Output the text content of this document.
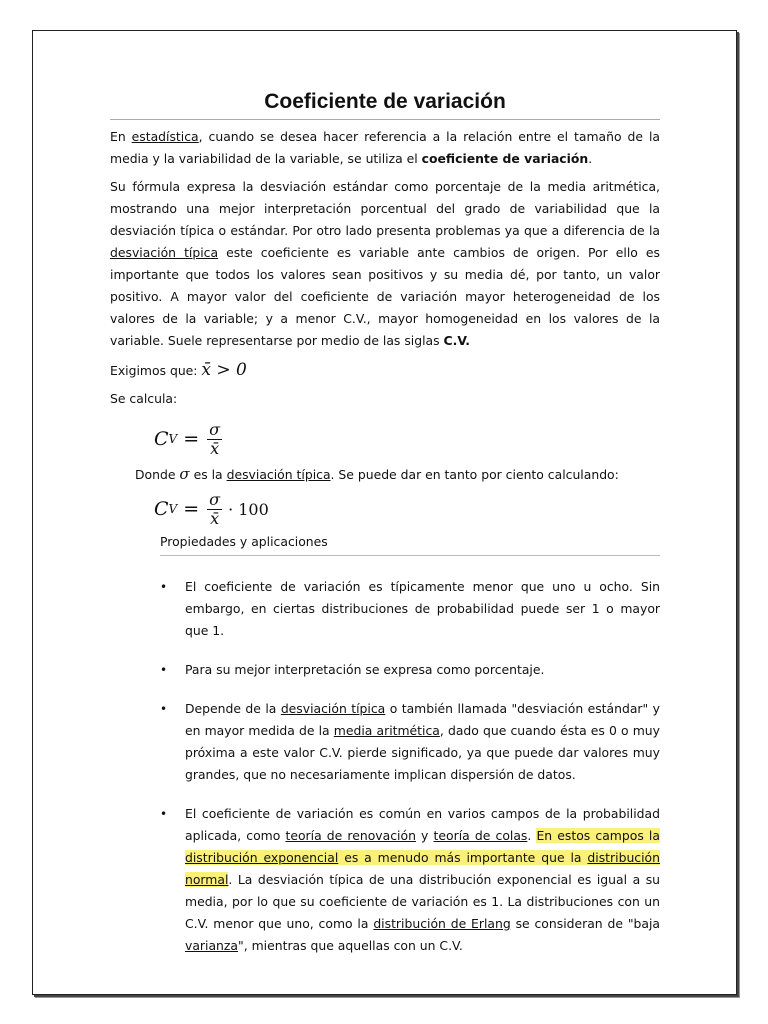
Coeficiente de variación

En estadística, cuando se desea hacer referencia a la relación entre el tamaño de la media y la variabilidad de la variable, se utiliza el coeficiente de variación.

Su fórmula expresa la desviación estándar como porcentaje de la media aritmética, mostrando una mejor interpretación porcentual del grado de variabilidad que la desviación típica o estándar. Por otro lado presenta problemas ya que a diferencia de la desviación típica este coeficiente es variable ante cambios de origen. Por ello es importante que todos los valores sean positivos y su media dé, por tanto, un valor positivo. A mayor valor del coeficiente de variación mayor heterogeneidad de los valores de la variable; y a menor C.V., mayor homogeneidad en los valores de la variable. Suele representarse por medio de las siglas C.V.

Exigimos que: x̄ > 0

Se calcula:

C $V = \frac{\sigma}{x̄}$

Donde σ es la desviación típica. Se puede dar en tanto por ciento calculando:

C $V = \frac{\sigma}{x̄} \cdot 100$
Propiedades y aplicaciones
• El coeficiente de variación es típicamente menor que uno u ocho. Sin embargo, en ciertas distribuciones de probabilidad puede ser 1 o mayor que 1.

• Para su mejor interpretación se expresa como porcentaje.

• Depende de la desviación típica o también llamada "desviación estándar" y en mayor medida de la media aritmética, dado que cuando ésta es 0 o muy próxima a este valor C.V. pierde significado, ya que puede dar valores muy grandes, que no necesariamente implican dispersión de datos.

• El coeficiente de variación es común en varios campos de la probabilidad aplicada, como teoría de renovación y teoría de colas. En estos campos la distribución exponencial es a menudo más importante que la distribución normal. La desviación típica de una distribución exponencial es igual a su media, por lo que su coeficiente de variación es 1. La distribuciones con un C.V. menor que uno, como la distribución de Erlang se consideran de "baja varianza", mientras que aquellas con un C.V.
